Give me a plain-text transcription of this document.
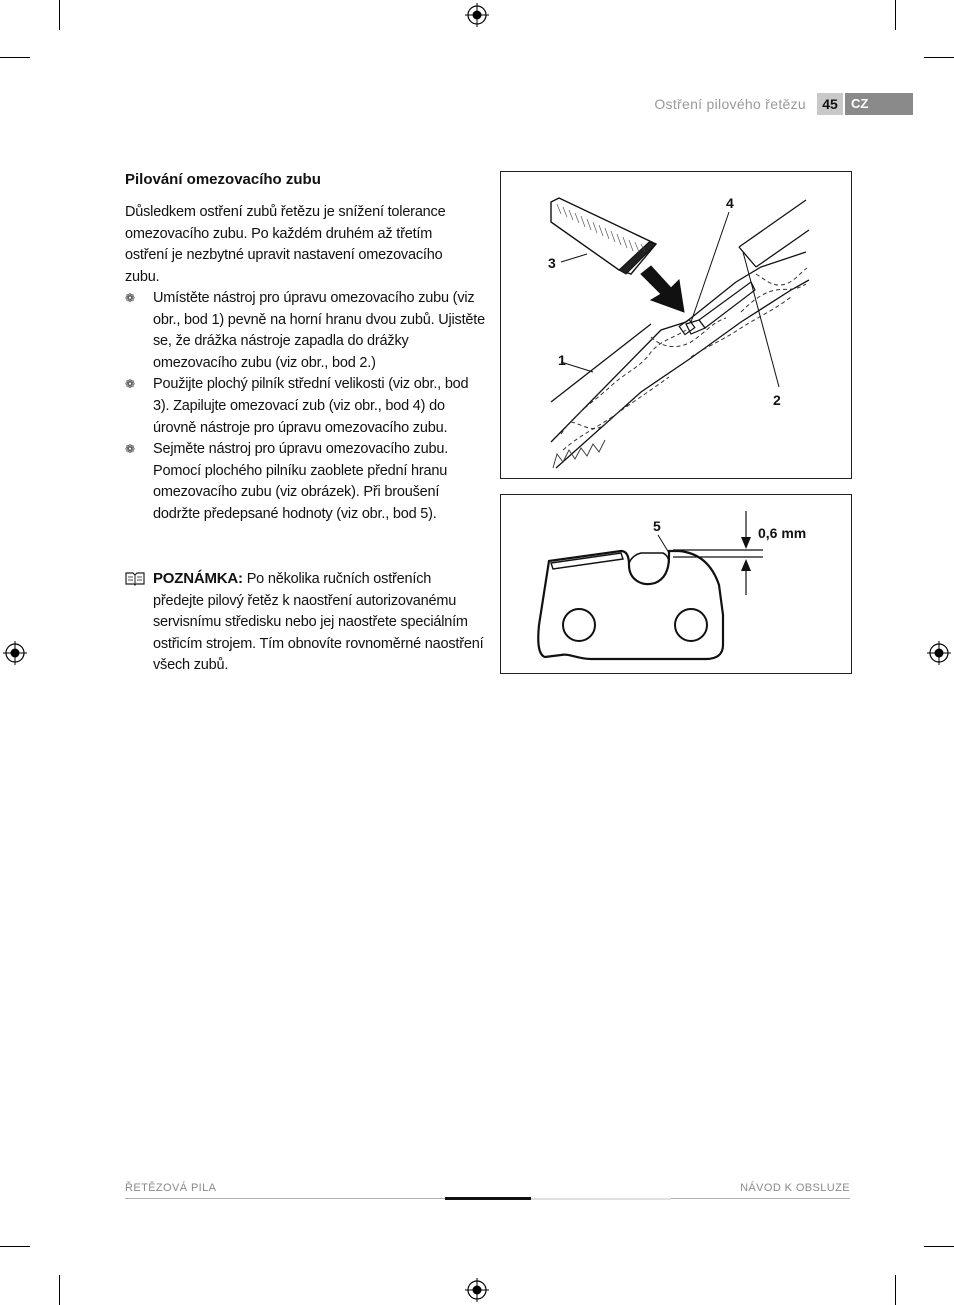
Ostření pilového řetězu	45	CZ
Pilování omezovacího zubu
Důsledkem ostření zubů řetězu je snížení tolerance omezovacího zubu. Po každém druhém až třetím ostření je nezbytné upravit nastavení omezovacího zubu.
❁ Umístěte nástroj pro úpravu omezovacího zubu (viz obr., bod 1) pevně na horní hranu dvou zubů. Ujistěte se, že drážka nástroje zapadla do drážky omezovacího zubu (viz obr., bod 2.)
❁ Použijte plochý pilník střední velikosti (viz obr., bod 3). Zapilujte omezovací zub (viz obr., bod 4) do úrovně nástroje pro úpravu omezovacího zubu.
❁ Sejměte nástroj pro úpravu omezovacího zubu. Pomocí plochého pilníku zaoblete přední hranu omezovacího zubu (viz obrázek). Při broušení dodržte předepsané hodnoty (viz obr., bod 5).
POZNÁMKA: Po několika ručních ostřeních předejte pilový řetěz k naostření autorizovanému servisnímu středisku nebo jej naostřete speciálním ostřicím strojem. Tím obnovíte rovnoměrné naostření všech zubů.
4
3
1
2
5	0,6 mm
ŘETĚZOVÁ PILA	NÁVOD K OBSLUZE
